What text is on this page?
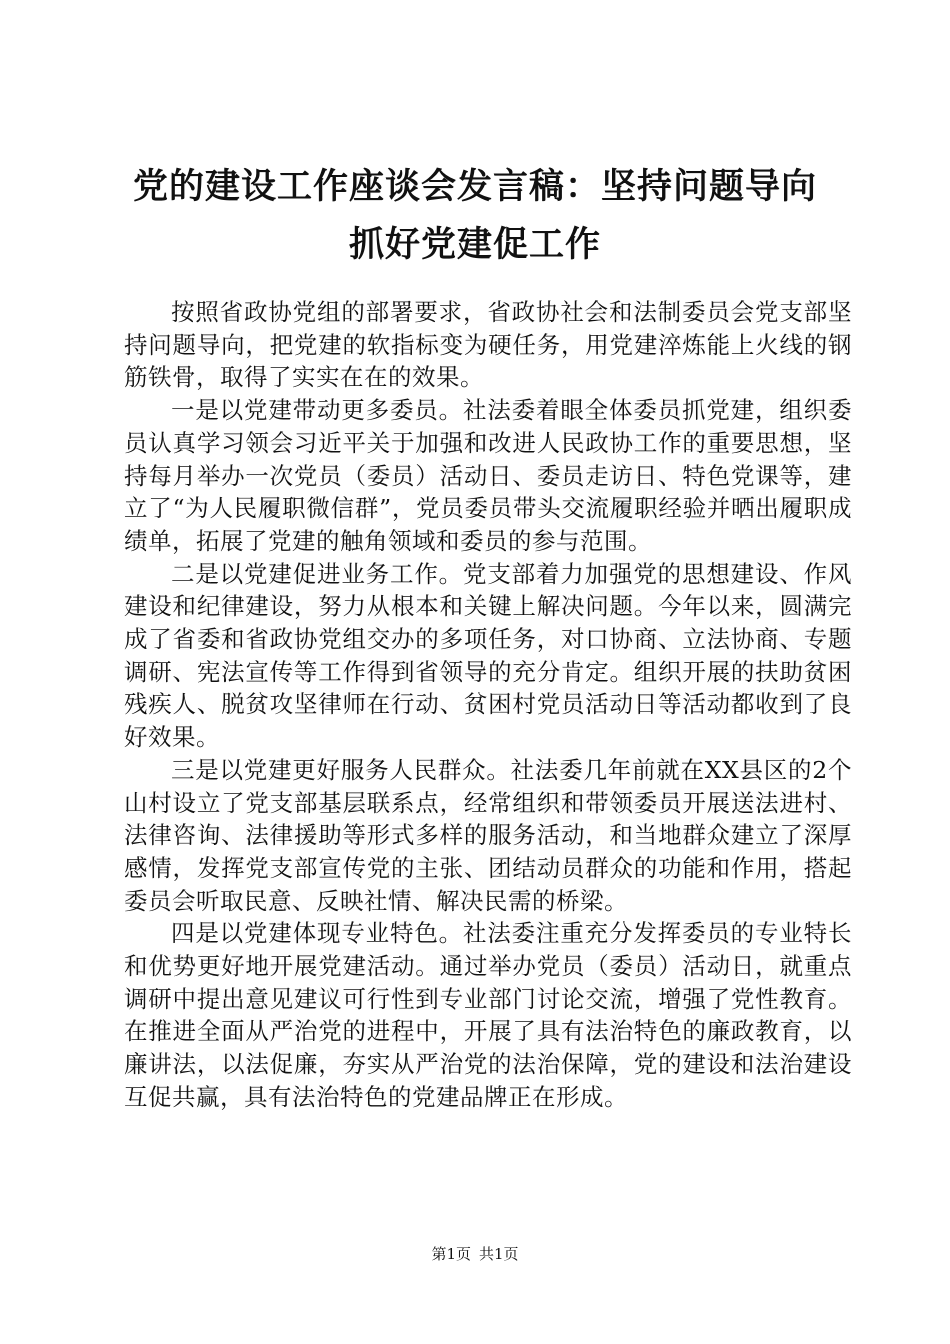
党的建设工作座谈会发言稿：坚持问题导向抓好党建促工作

按照省政协党组的部署要求，省政协社会和法制委员会党支部坚持问题导向，把党建的软指标变为硬任务，用党建淬炼能上火线的钢筋铁骨，取得了实实在在的效果。

一是以党建带动更多委员。社法委着眼全体委员抓党建，组织委员认真学习领会习近平关于加强和改进人民政协工作的重要思想，坚持每月举办一次党员（委员）活动日、委员走访日、特色党课等，建立了“为人民履职微信群”，党员委员带头交流履职经验并晒出履职成绩单，拓展了党建的触角领域和委员的参与范围。

二是以党建促进业务工作。党支部着力加强党的思想建设、作风建设和纪律建设，努力从根本和关键上解决问题。今年以来，圆满完成了省委和省政协党组交办的多项任务，对口协商、立法协商、专题调研、宪法宣传等工作得到省领导的充分肯定。组织开展的扶助贫困残疾人、脱贫攻坚律师在行动、贫困村党员活动日等活动都收到了良好效果。

三是以党建更好服务人民群众。社法委几年前就在XX县区的2个山村设立了党支部基层联系点，经常组织和带领委员开展送法进村、法律咨询、法律援助等形式多样的服务活动，和当地群众建立了深厚感情，发挥党支部宣传党的主张、团结动员群众的功能和作用，搭起委员会听取民意、反映社情、解决民需的桥梁。

四是以党建体现专业特色。社法委注重充分发挥委员的专业特长和优势更好地开展党建活动。通过举办党员（委员）活动日，就重点调研中提出意见建议可行性到专业部门讨论交流，增强了党性教育。在推进全面从严治党的进程中，开展了具有法治特色的廉政教育，以廉讲法，以法促廉，夯实从严治党的法治保障，党的建设和法治建设互促共赢，具有法治特色的党建品牌正在形成。

第1页 共1页
